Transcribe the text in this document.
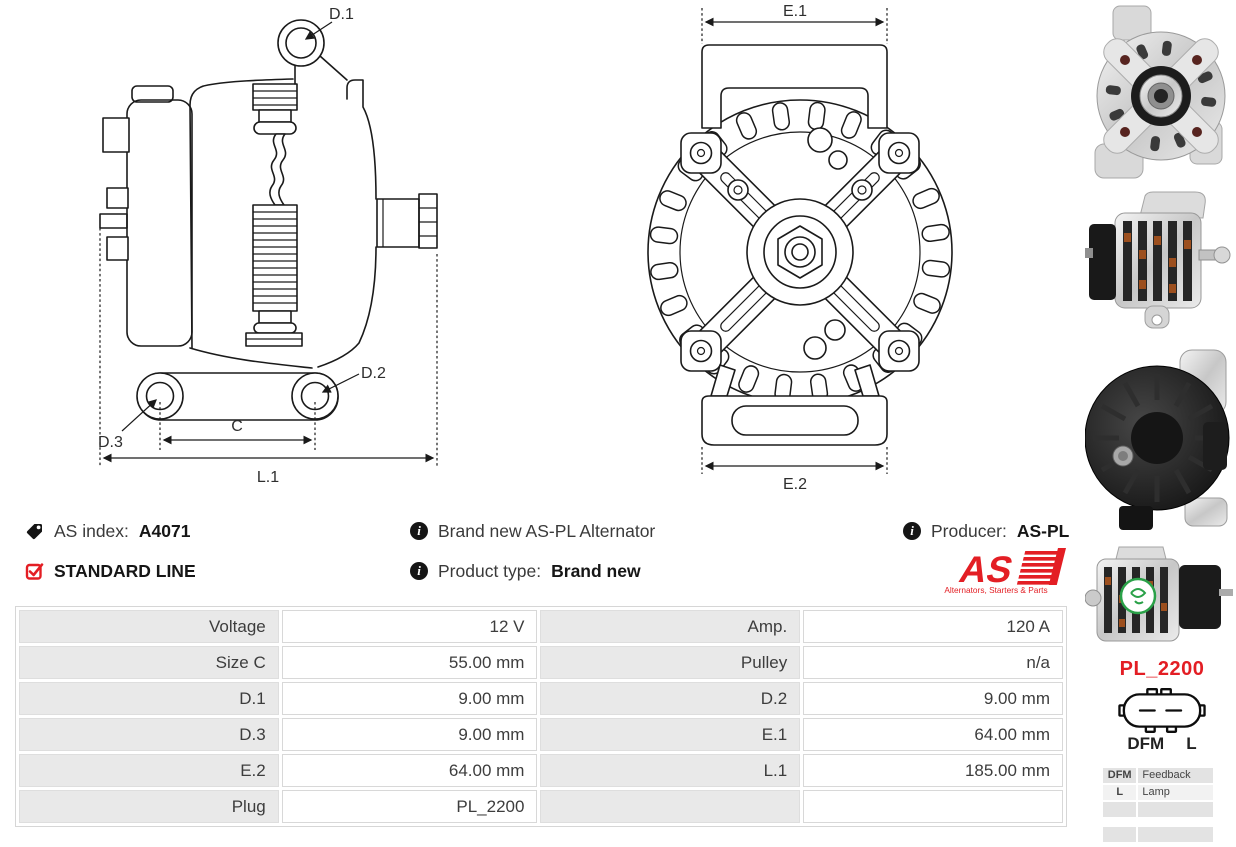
L.1
C
D.1
D.2
D.3
E.1
E.2
AS index: A4071
STANDARD LINE
i Brand new AS-PL Alternator
i Product type: Brand new
i Producer: AS-PL
AS
Alternators, Starters & Parts
Voltage	12 V	Amp.	120 A
Size C	55.00 mm	Pulley	n/a
D.1	9.00 mm	D.2	9.00 mm
D.3	9.00 mm	E.1	64.00 mm
E.2	64.00 mm	L.1	185.00 mm
Plug	PL_2200		
PL_2200
DFM L
DFM Feedback
L	Lamp
